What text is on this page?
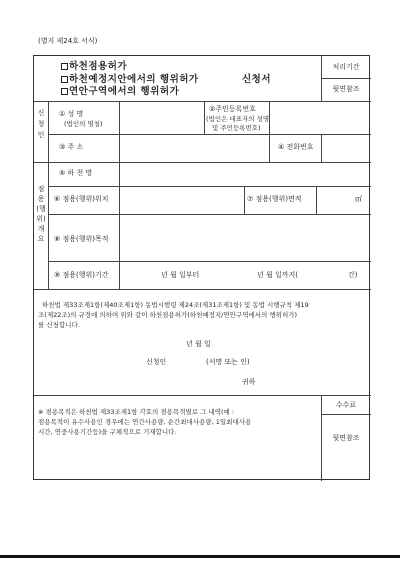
(별지 제24호 서식)
하천점용허가
하천예정지안에서의 행위허가	신청서
연안구역에서의 행위허가
처리기간
뒷면참조
신청인
① 성 명
(법인의 명칭)
②주민등록번호
(법인은 대표자의 성명
및 주민등록번호)
③ 주 소	④ 전화번호
점용(행위)개요
⑤ 하 천 명
⑥ 점용(행위)위치	⑦ 점용(행위)면적	㎡
⑧ 점용(행위)목적
⑨ 점용(행위)기간	년 월 일부터	년 월 일까지(	간)
하천법 제33조제1항(제40조제1항) 동법시행령 제24조(제31조제1항) 및 동법 시행규칙 제19
조(제22조)의 규정에 의하여 위와 같이 하천점용허가(하천예정지/연안구역에서의 행위허가)
를 신청합니다.
년 월 일
신청인	(서명 또는 인)
귀하
※ 점용목적은 하천법 제33조제1항 각호의 점용목적별로 그 내역(예 :
점용목적이 유수사용인 경우에는 연간사용량, 순간최대사용량, 1일최대사용
시간, 연중사용기간등)을 구체적으로 기재합니다.
수수료
뒷면참조
